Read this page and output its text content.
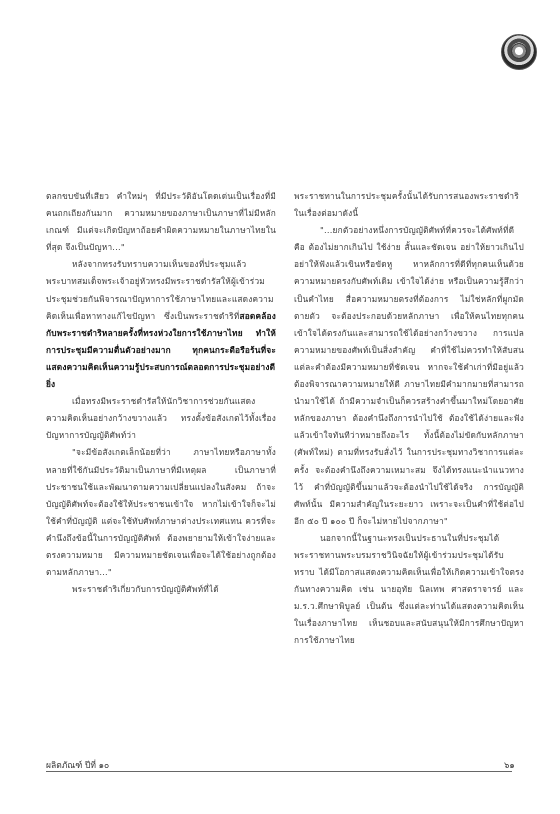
ตลกขบขันที่เสียว คำใหม่ๆ ที่มีประวัติอันโดดเด่นเป็นเรื่องที่มีคนถกเถียงกันมาก ความหมายของภาษาเป็นภาษาที่ไม่มีหลักเกณฑ์ มีแต่จะเกิดปัญหาถ้อยคำผิดความหมายในภาษาไทยในที่สุด จึงเป็นปัญหา..."

หลังจากทรงรับทราบความเห็นของที่ประชุมแล้ว พระบาทสมเด็จพระเจ้าอยู่หัวทรงมีพระราชดำรัสให้ผู้เข้าร่วมประชุมช่วยกันพิจารณาปัญหาการใช้ภาษาไทยและแสดงความคิดเห็นเพื่อหาทางแก้ไขปัญหา ซึ่งเป็นพระราชดำริที่สอดคล้องกับพระราชดำริหลายครั้งที่ทรงห่วงใยการใช้ภาษาไทย ทำให้การประชุมมีความตื่นตัวอย่างมาก ทุกคนกระตือรือร้นที่จะแสดงความคิดเห็นความรู้ประสบการณ์ตลอดการประชุมอย่างดียิ่ง

เมื่อทรงมีพระราชดำรัสให้นักวิชาการช่วยกันแสดงความคิดเห็นอย่างกว้างขวางแล้ว ทรงตั้งข้อสังเกตไว้ทั้งเรื่องปัญหาการบัญญัติศัพท์ว่า

"จะมีข้อสังเกตเล็กน้อยที่ว่า ภาษาไทยหรือภาษาทั้งหลายที่ใช้กันมีประวัติมาเป็นภาษาที่มีเหตุผล เป็นภาษาที่ประชาชนใช้และพัฒนาตามความเปลี่ยนแปลงในสังคม ถ้าจะบัญญัติศัพท์จะต้องใช้ให้ประชาชนเข้าใจ หากไม่เข้าใจก็จะไม่ใช้คำที่บัญญัติ แต่จะใช้ทับศัพท์ภาษาต่างประเทศแทน ควรที่จะคำนึงถึงข้อนี้ในการบัญญัติศัพท์ ต้องพยายามให้เข้าใจง่ายและตรงความหมาย มีความหมายชัดเจนเพื่อจะได้ใช้อย่างถูกต้องตามหลักภาษา..."

พระราชดำริเกี่ยวกับการบัญญัติศัพท์ที่ได้

พระราชทานในการประชุมครั้งนั้นได้รับการสนองพระราชดำริ ในเรื่องต่อมาดังนี้

"...ยกตัวอย่างหนึ่งการบัญญัติศัพท์ที่ควรจะได้ศัพท์ที่ดีคือ ต้องไม่ยากเกินไป ใช้ง่าย สั้นและชัดเจน อย่าให้ยาวเกินไป อย่าให้ฟังแล้วเขินหรือขัดหู หาหลักการที่ดีที่ทุกคนเห็นด้วย ความหมายตรงกับศัพท์เดิม เข้าใจได้ง่าย หรือเป็นความรู้สึกว่าเป็นคำไทย สื่อความหมายตรงที่ต้องการ ไม่ใช่หลักที่ผูกมัดตายตัว จะต้องประกอบด้วยหลักภาษา เพื่อให้คนไทยทุกคนเข้าใจได้ตรงกันและสามารถใช้ได้อย่างกว้างขวาง การแปลความหมายของศัพท์เป็นสิ่งสำคัญ คำที่ใช้ไม่ควรทำให้สับสน แต่ละคำต้องมีความหมายที่ชัดเจน หากจะใช้คำเก่าที่มีอยู่แล้วต้องพิจารณาความหมายให้ดี ภาษาไทยมีคำมากมายที่สามารถนำมาใช้ได้ ถ้ามีความจำเป็นก็ควรสร้างคำขึ้นมาใหม่โดยอาศัยหลักของภาษา ต้องคำนึงถึงการนำไปใช้ ต้องใช้ได้ง่ายและฟังแล้วเข้าใจทันทีว่าหมายถึงอะไร ทั้งนี้ต้องไม่ขัดกับหลักภาษา (ศัพท์ใหม่) ตามที่ทรงรับสั่งไว้ ในการประชุมทางวิชาการแต่ละครั้ง จะต้องคำนึงถึงความเหมาะสม จึงได้ทรงแนะนำแนวทางไว้ คำที่บัญญัติขึ้นมาแล้วจะต้องนำไปใช้ได้จริง การบัญญัติศัพท์นั้น มีความสำคัญในระยะยาว เพราะจะเป็นคำที่ใช้ต่อไปอีก ๕๐ ปี ๑๐๐ ปี ก็จะไม่หายไปจากภาษา"

นอกจากนี้ในฐานะทรงเป็นประธานในที่ประชุมได้พระราชทานพระบรมราชวินิจฉัยให้ผู้เข้าร่วมประชุมได้รับทราบ ได้มีโอกาสแสดงความคิดเห็นเพื่อให้เกิดความเข้าใจตรงกันทางความคิด เช่น นายอุทัย นิลเทพ ศาสตราจารย์ และ ม.ร.ว.ศึกษาพิบูลย์ เป็นต้น ซึ่งแต่ละท่านได้แสดงความคิดเห็นในเรื่องภาษาไทย เห็นชอบและสนับสนุนให้มีการศึกษาปัญหาการใช้ภาษาไทย

ผลิตภัณฑ์ ปีที่ ๑๐	๖๑
